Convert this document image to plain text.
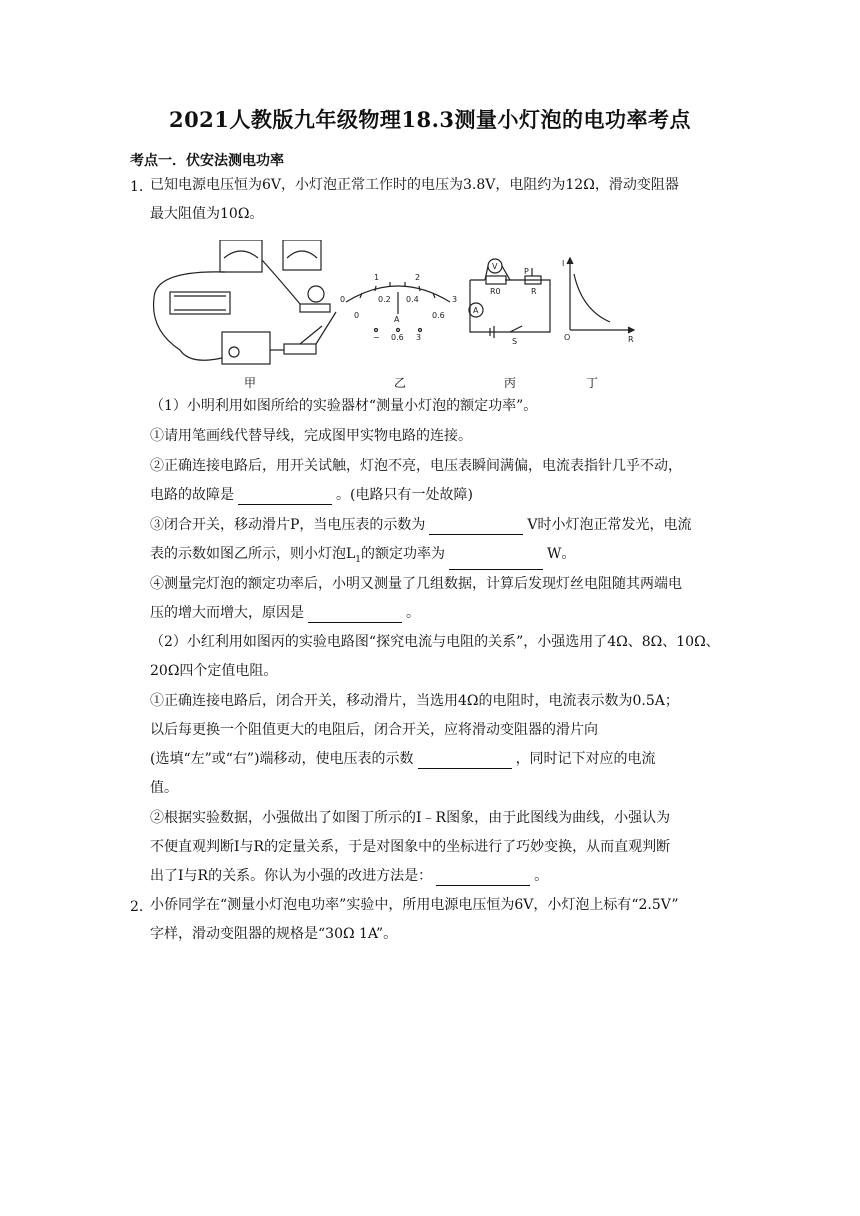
2021人教版九年级物理18.3测量小灯泡的电功率考点
考点一．伏安法测电功率
1．
已知电源电压恒为6V，小灯泡正常工作时的电压为3.8V，电阻约为12Ω，滑动变阻器
最大阻值为10Ω。
1	2
0	3
0
0.2 0.4
0.6
A
− 0.6 3
V
A
R0
P
R
S
I
O	R
甲	乙	丙	丁
（1）小明利用如图所给的实验器材“测量小灯泡的额定功率”。
①请用笔画线代替导线，完成图甲实物电路的连接。
②正确连接电路后，用开关试触，灯泡不亮，电压表瞬间满偏，电流表指针几乎不动，
电路的故障是	。(电路只有一处故障)
③闭合开关，移动滑片P，当电压表的示数为	V时小灯泡正常发光，电流
表的示数如图乙所示，则小灯泡$L_1$的额定功率为	W。
④测量完灯泡的额定功率后，小明又测量了几组数据，计算后发现灯丝电阻随其两端电
压的增大而增大，原因是	。
（2）小红利用如图丙的实验电路图“探究电流与电阻的关系”，小强选用了4Ω、8Ω、10Ω、
20Ω四个定值电阻。
①正确连接电路后，闭合开关，移动滑片，当选用4Ω的电阻时，电流表示数为0.5A；
以后每更换一个阻值更大的电阻后，闭合开关，应将滑动变阻器的滑片向
(选填“左”或“右”)端移动，使电压表的示数	，同时记下对应的电流
值。
②根据实验数据，小强做出了如图丁所示的I﹣R图象，由于此图线为曲线，小强认为
不便直观判断I与R的定量关系，于是对图象中的坐标进行了巧妙变换，从而直观判断
出了I与R的关系。你认为小强的改进方法是：	。
2．
小侨同学在“测量小灯泡电功率”实验中，所用电源电压恒为6V，小灯泡上标有“2.5V”
字样，滑动变阻器的规格是“30Ω 1A”。
